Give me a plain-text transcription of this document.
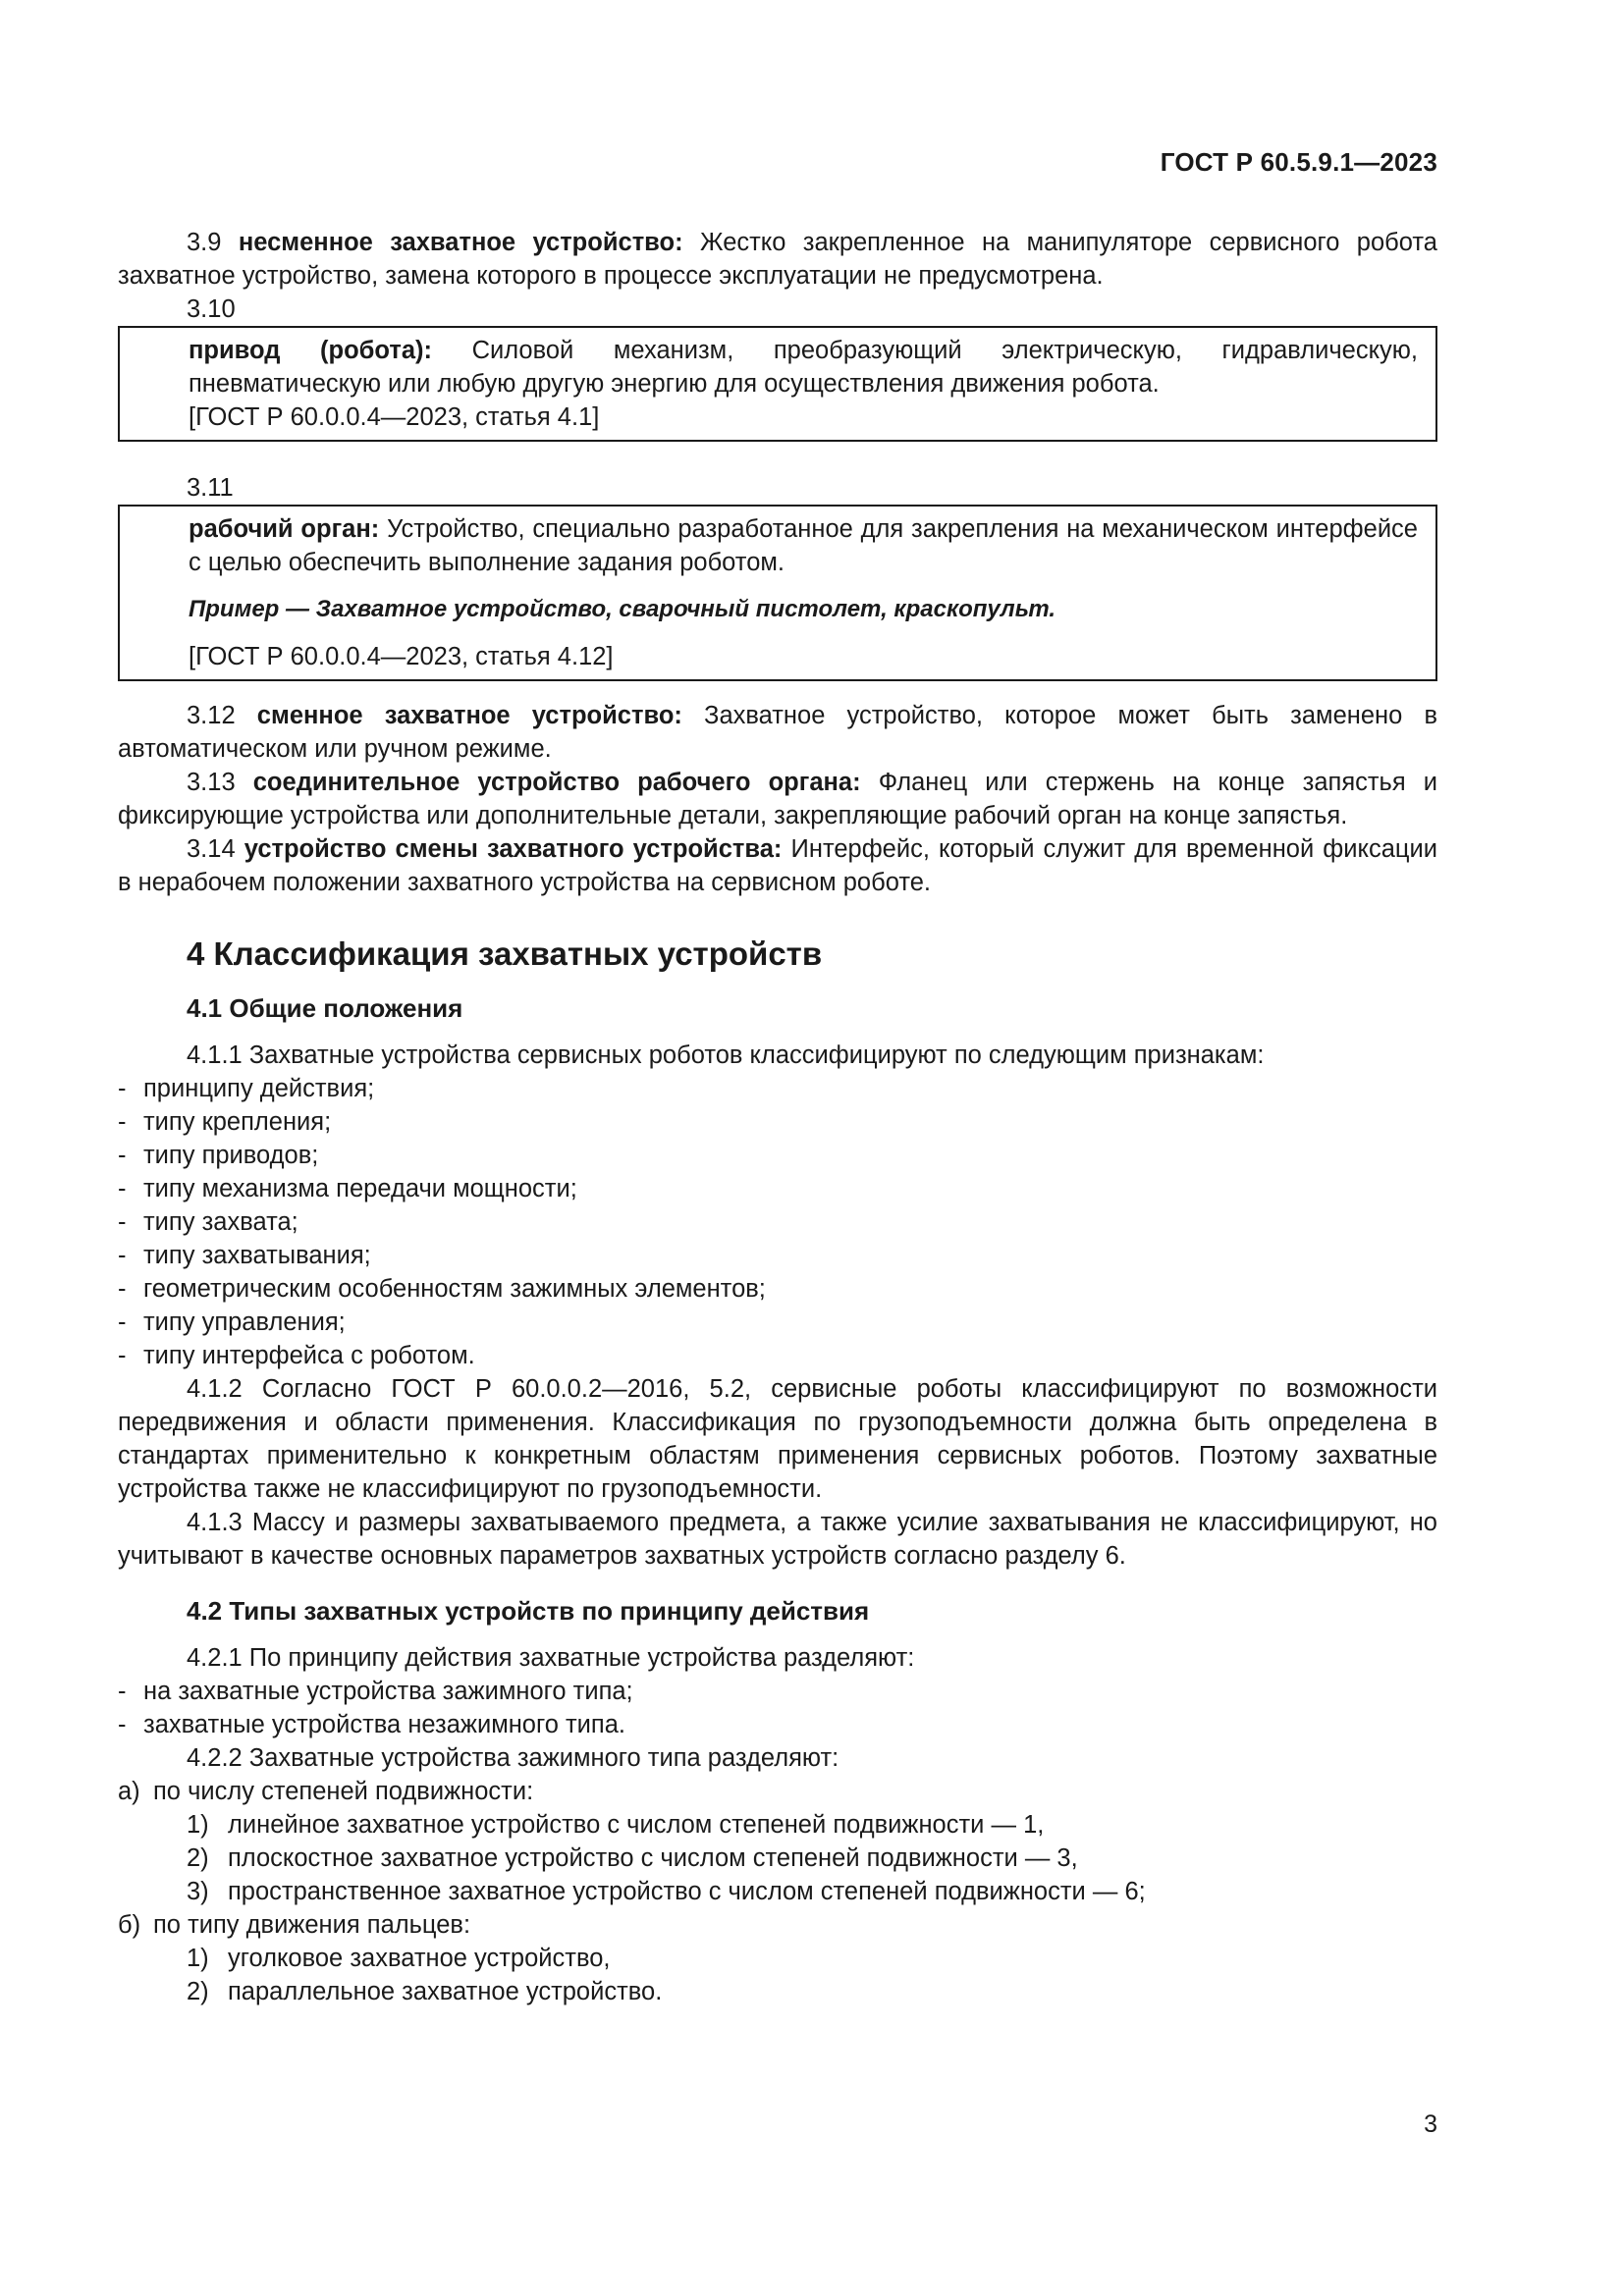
ГОСТ Р 60.5.9.1—2023

3.9 несменное захватное устройство: Жестко закрепленное на манипуляторе сервисного робота захватное устройство, замена которого в процессе эксплуатации не предусмотрена.

3.10

привод (робота): Силовой механизм, преобразующий электрическую, гидравлическую, пневматическую или любую другую энергию для осуществления движения робота.

[ГОСТ Р 60.0.0.4—2023, статья 4.1]

3.11

рабочий орган: Устройство, специально разработанное для закрепления на механическом интерфейсе с целью обеспечить выполнение задания роботом.

Пример — Захватное устройство, сварочный пистолет, краскопульт.

[ГОСТ Р 60.0.0.4—2023, статья 4.12]

3.12 сменное захватное устройство: Захватное устройство, которое может быть заменено в автоматическом или ручном режиме.

3.13 соединительное устройство рабочего органа: Фланец или стержень на конце запястья и фиксирующие устройства или дополнительные детали, закрепляющие рабочий орган на конце запястья.

3.14 устройство смены захватного устройства: Интерфейс, который служит для временной фиксации в нерабочем положении захватного устройства на сервисном роботе.

4 Классификация захватных устройств
4.1 Общие положения

4.1.1 Захватные устройства сервисных роботов классифицируют по следующим признакам:

- принципу действия;
- типу крепления;
- типу приводов;
- типу механизма передачи мощности;
- типу захвата;
- типу захватывания;
- геометрическим особенностям зажимных элементов;
- типу управления;
- типу интерфейса с роботом.

4.1.2 Согласно ГОСТ Р 60.0.0.2—2016, 5.2, сервисные роботы классифицируют по возможности передвижения и области применения. Классификация по грузоподъемности должна быть определена в стандартах применительно к конкретным областям применения сервисных роботов. Поэтому захватные устройства также не классифицируют по грузоподъемности.

4.1.3 Массу и размеры захватываемого предмета, а также усилие захватывания не классифицируют, но учитывают в качестве основных параметров захватных устройств согласно разделу 6.

4.2 Типы захватных устройств по принципу действия

4.2.1 По принципу действия захватные устройства разделяют:

- на захватные устройства зажимного типа;
- захватные устройства незажимного типа.

4.2.2 Захватные устройства зажимного типа разделяют:

а) по числу степеней подвижности:

1) линейное захватное устройство с числом степеней подвижности — 1,

2) плоскостное захватное устройство с числом степеней подвижности — 3,

3) пространственное захватное устройство с числом степеней подвижности — 6;

б) по типу движения пальцев:

1) уголковое захватное устройство,

2) параллельное захватное устройство.

3
